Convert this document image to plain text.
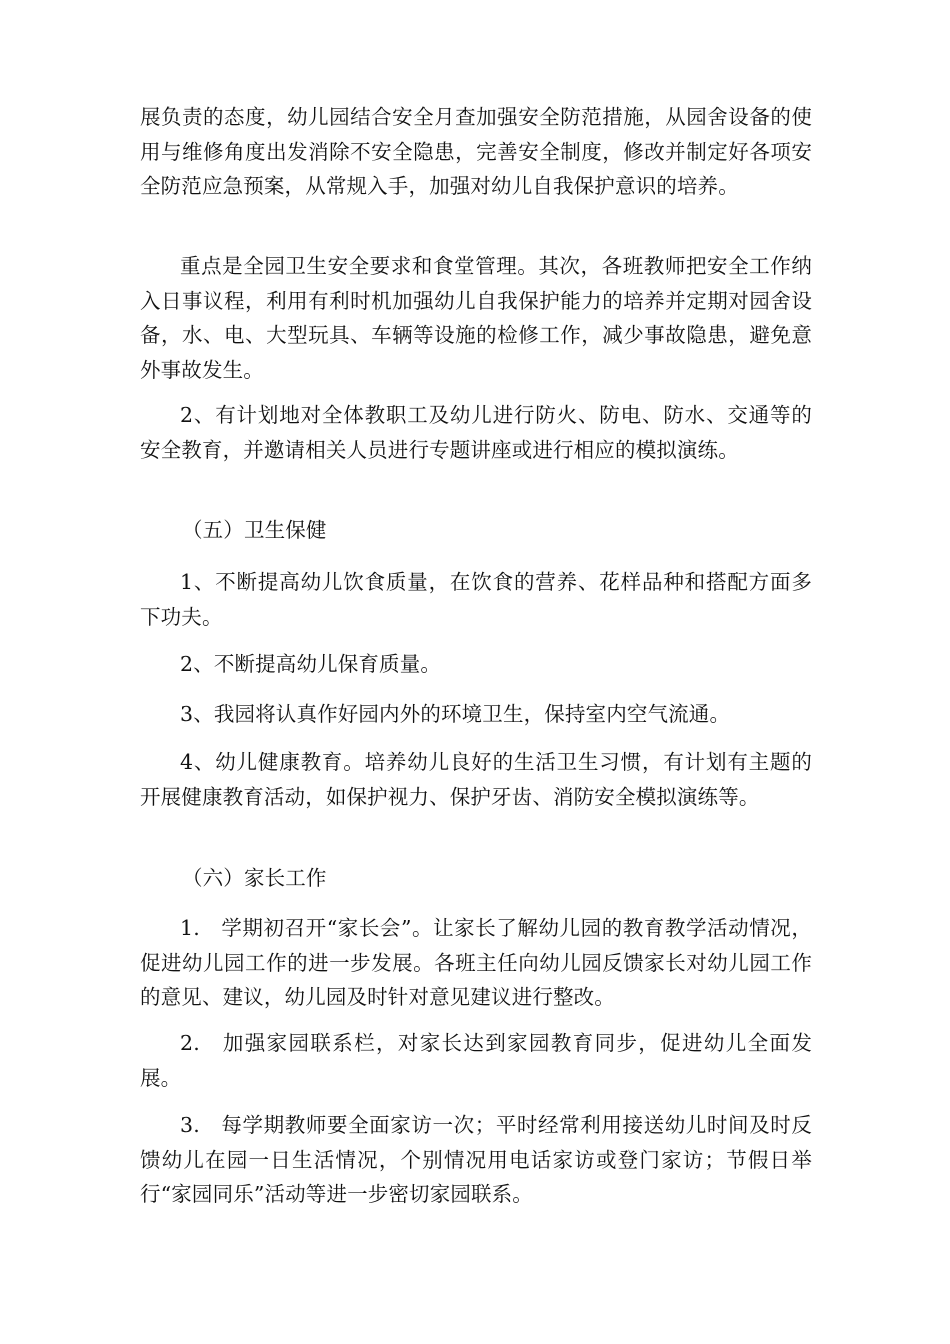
展负责的态度，幼儿园结合安全月查加强安全防范措施，从园舍设备的使用与维修角度出发消除不安全隐患，完善安全制度，修改并制定好各项安全防范应急预案，从常规入手，加强对幼儿自我保护意识的培养。

重点是全园卫生安全要求和食堂管理。其次，各班教师把安全工作纳入日事议程，利用有利时机加强幼儿自我保护能力的培养并定期对园舍设备，水、电、大型玩具、车辆等设施的检修工作，减少事故隐患，避免意外事故发生。

2、有计划地对全体教职工及幼儿进行防火、防电、防水、交通等的安全教育，并邀请相关人员进行专题讲座或进行相应的模拟演练。

（五）卫生保健

1、不断提高幼儿饮食质量，在饮食的营养、花样品种和搭配方面多下功夫。

2、不断提高幼儿保育质量。

3、我园将认真作好园内外的环境卫生，保持室内空气流通。

4、幼儿健康教育。培养幼儿良好的生活卫生习惯，有计划有主题的开展健康教育活动，如保护视力、保护牙齿、消防安全模拟演练等。

（六）家长工作

1.　学期初召开“家长会”。让家长了解幼儿园的教育教学活动情况，促进幼儿园工作的进一步发展。各班主任向幼儿园反馈家长对幼儿园工作的意见、建议，幼儿园及时针对意见建议进行整改。

2.　加强家园联系栏，对家长达到家园教育同步，促进幼儿全面发展。

3.　每学期教师要全面家访一次；平时经常利用接送幼儿时间及时反馈幼儿在园一日生活情况，个别情况用电话家访或登门家访；节假日举行“家园同乐”活动等进一步密切家园联系。
